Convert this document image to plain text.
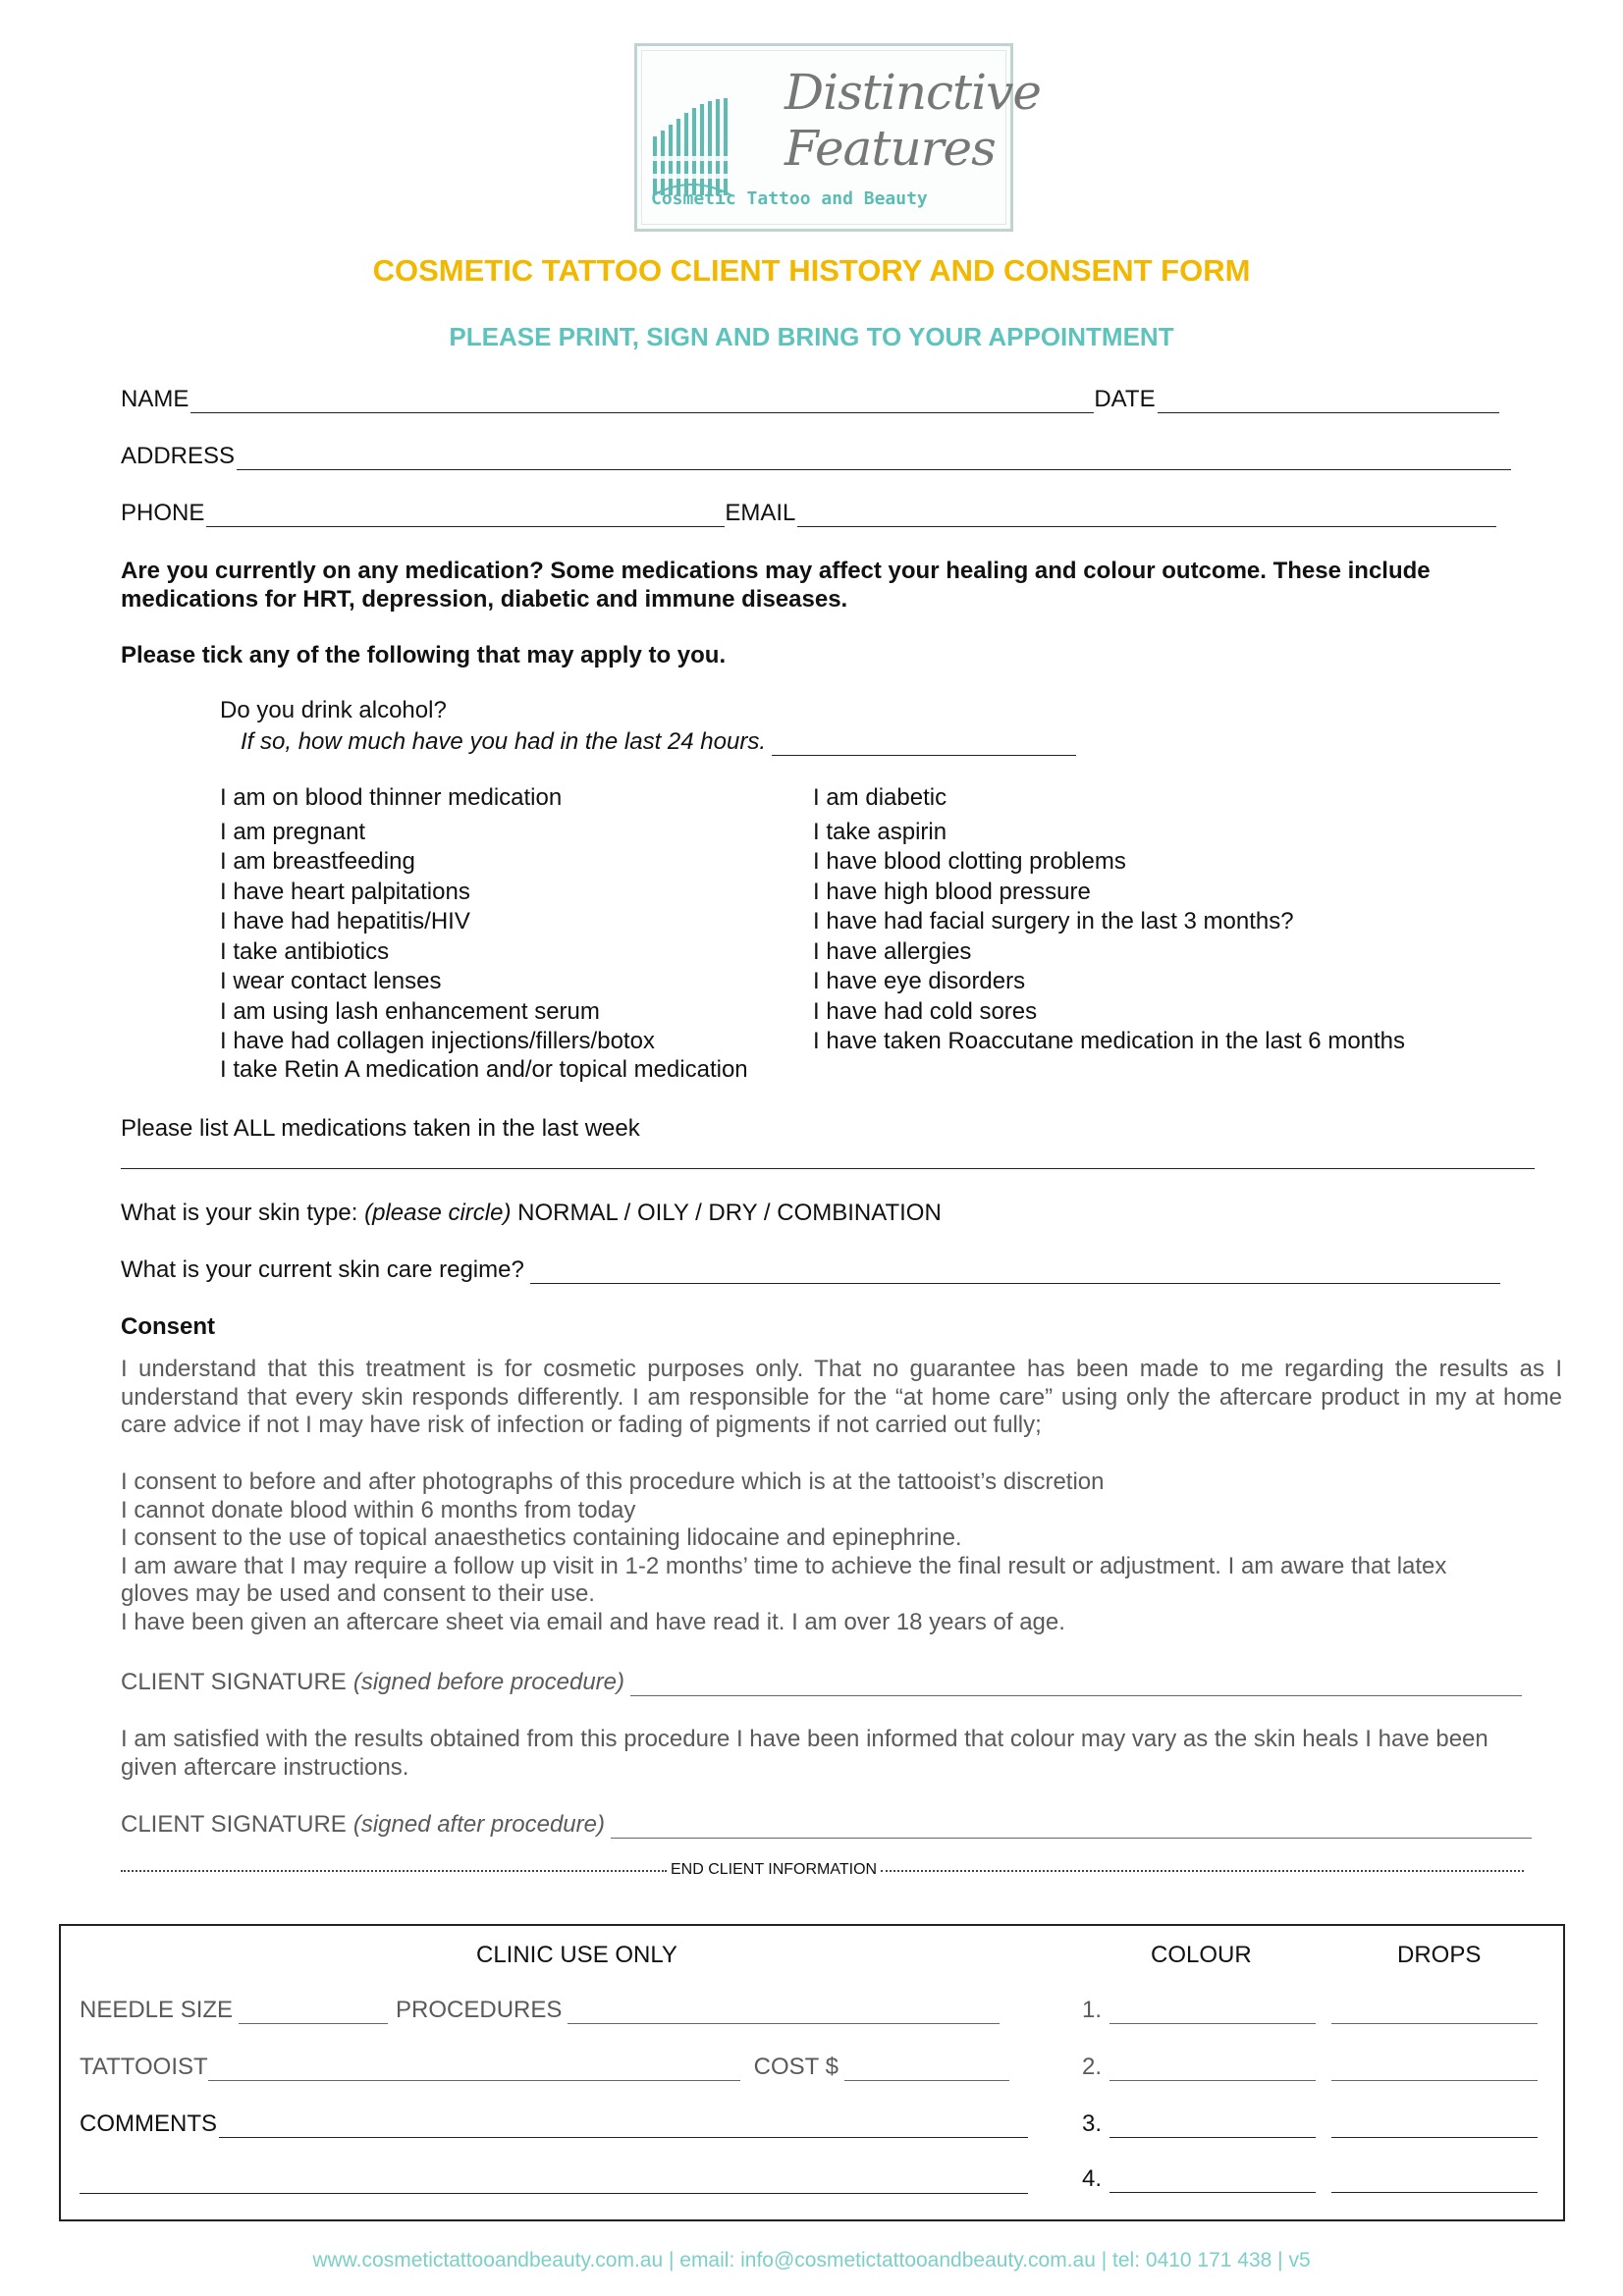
Distinctive
Features
Cosmetic Tattoo and Beauty
COSMETIC TATTOO CLIENT HISTORY AND CONSENT FORM
PLEASE PRINT, SIGN AND BRING TO YOUR APPOINTMENT
NAME	DATE
ADDRESS
PHONE	EMAIL
Are you currently on any medication? Some medications may affect your healing and colour outcome. These include medications for HRT, depression, diabetic and immune diseases.
Please tick any of the following that may apply to you.
Do you drink alcohol?
If so, how much have you had in the last 24 hours.
I am on blood thinner medication
I am pregnant
I am breastfeeding
I have heart palpitations
I have had hepatitis/HIV
I take antibiotics
I wear contact lenses
I am using lash enhancement serum
I have had collagen injections/fillers/botox
I take Retin A medication and/or topical medication
I am diabetic
I take aspirin
I have blood clotting problems
I have high blood pressure
I have had facial surgery in the last 3 months?
I have allergies
I have eye disorders
I have had cold sores
I have taken Roaccutane medication in the last 6 months
Please list ALL medications taken in the last week
What is your skin type: (please circle) NORMAL / OILY / DRY / COMBINATION
What is your current skin care regime?
Consent
I understand that this treatment is for cosmetic purposes only. That no guarantee has been made to me regarding the results as I understand that every skin responds differently. I am responsible for the “at home care” using only the aftercare product in my at home care advice if not I may have risk of infection or fading of pigments if not carried out fully;
I consent to before and after photographs of this procedure which is at the tattooist’s discretion
I cannot donate blood within 6 months from today
I consent to the use of topical anaesthetics containing lidocaine and epinephrine.
I am aware that I may require a follow up visit in 1-2 months’ time to achieve the final result or adjustment. I am aware that latex gloves may be used and consent to their use.
I have been given an aftercare sheet via email and have read it. I am over 18 years of age.
CLIENT SIGNATURE (signed before procedure)
I am satisfied with the results obtained from this procedure I have been informed that colour may vary as the skin heals I have been given aftercare instructions.
CLIENT SIGNATURE (signed after procedure)
END CLIENT INFORMATION
CLINIC USE ONLY	COLOUR	DROPS
NEEDLE SIZE	PROCEDURES
TATTOOIST	COST $
COMMENTS
1.
2.
3.
4.
www.cosmetictattooandbeauty.com.au | email: info@cosmetictattooandbeauty.com.au | tel: 0410 171 438 | v5
